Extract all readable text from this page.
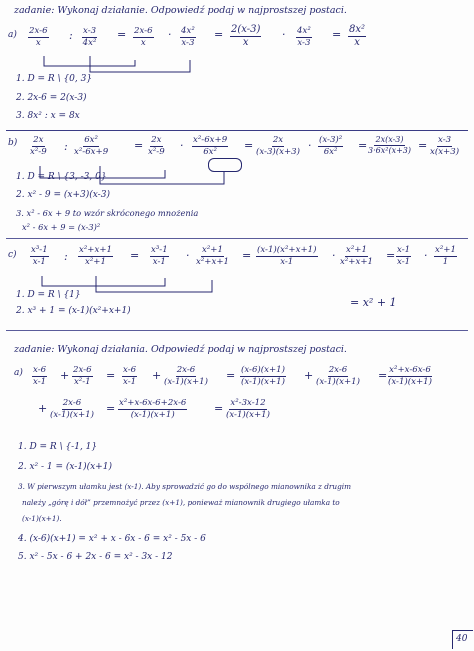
zadanie: Wykonaj działanie. Odpowiedź podaj w najprostszej postaci.
a) 2x-6
x
: x-3
4x²
= 2x-6
x
· 4x²
x-3
= 2(x-3)
x
· 4x²
x-3
= 8x²
x
1. D = R \ {0, 3}
2. 2x-6 = 2(x-3)
3. 8x² : x = 8x
b) 2x
x²-9 : 6x²
x²-6x+9 = 2x
x²-9 · x²-6x+9
6x² = 2x
(x-3)(x+3) · (x-3)²
6x² = 2x(x-3)
3·6x²(x+3) = x-3
x(x+3)
1. D = R \ {3, -3, 0}
2. x² - 9 = (x+3)(x-3)
3. x² - 6x + 9 to wzór skróconego mnożenia
x² - 6x + 9 = (x-3)²
c) x³-1
x-1 : x²+x+1
x²+1 = x³-1
x-1 · x²+1
x²+x+1 = (x-1)(x²+x+1)
x-1	· x²+1
x²+x+1 = x-1
x-1 · x²+1
1
1. D = R \ {1}
= x² + 1
2. x³ + 1 = (x-1)(x²+x+1)
zadanie: Wykonaj działania. Odpowiedź podaj w najprostszej postaci.
a) x-6
x-1 + 2x-6
x²-1 = x-6
x-1 + 2x-6
(x-1)(x+1) = (x-6)(x+1)
(x-1)(x+1) + 2x-6
(x-1)(x+1) = x²+x-6x-6
(x-1)(x+1)
+ 2x-6
(x-1)(x+1) = x²+x-6x-6+2x-6
(x-1)(x+1)	= x²-3x-12
(x-1)(x+1)
1. D = R \ {-1, 1}
2. x² - 1 = (x-1)(x+1)
3. W pierwszym ułamku jest (x-1). Aby sprowadzić go do wspólnego mianownika z drugim
należy „górę i dół” przemnożyć przez (x+1), ponieważ mianownik drugiego ułamka to
(x-1)(x+1).
4. (x-6)(x+1) = x² + x - 6x - 6 = x² - 5x - 6
5. x² - 5x - 6 + 2x - 6 = x² - 3x - 12
40
